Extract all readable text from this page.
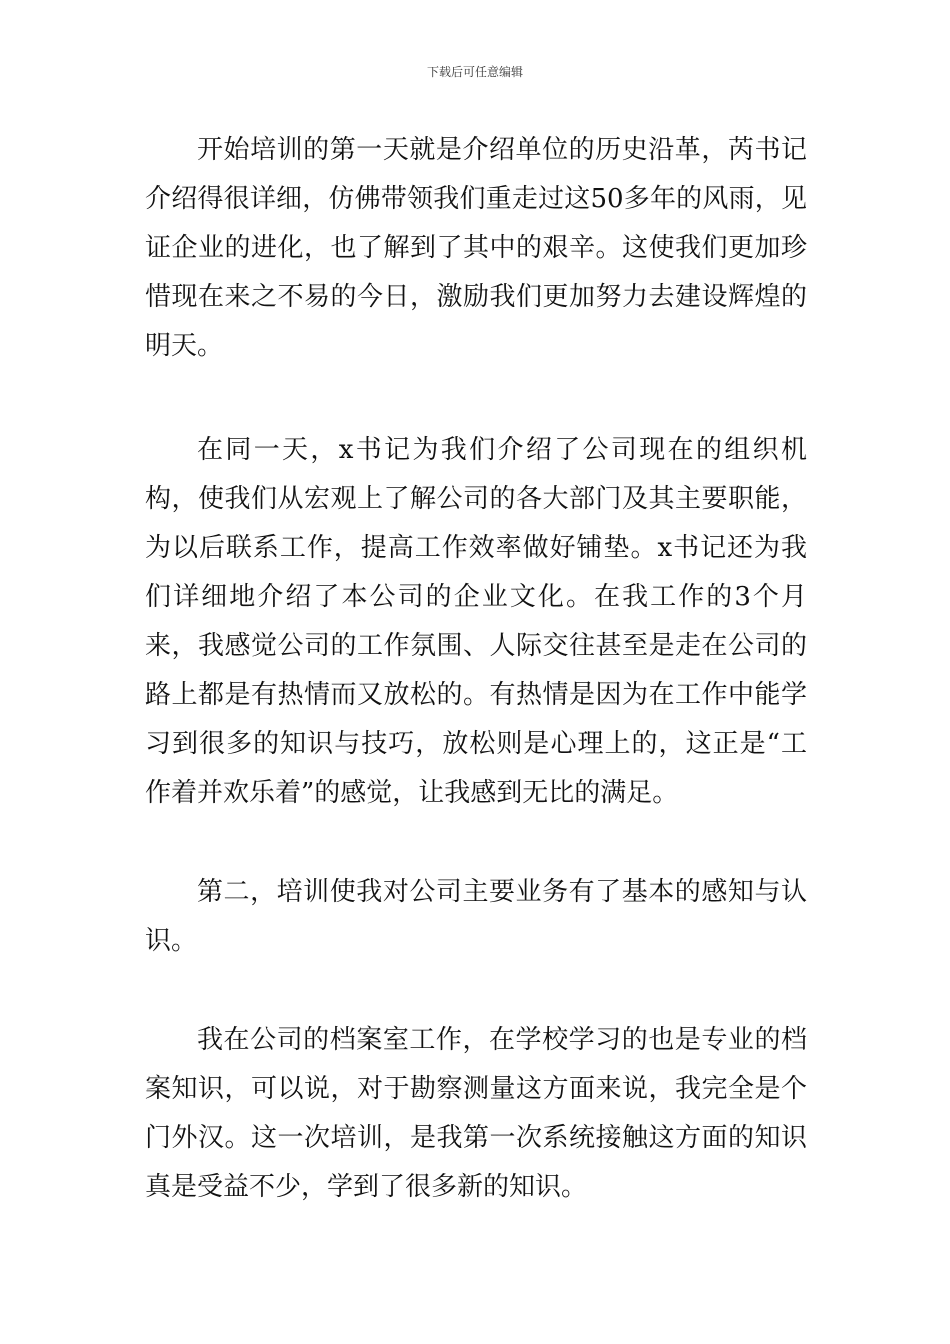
下载后可任意编辑

开始培训的第一天就是介绍单位的历史沿革，芮书记介绍得很详细，仿佛带领我们重走过这50多年的风雨，见证企业的进化，也了解到了其中的艰辛。这使我们更加珍惜现在来之不易的今日，激励我们更加努力去建设辉煌的明天。

在同一天，x书记为我们介绍了公司现在的组织机构，使我们从宏观上了解公司的各大部门及其主要职能，为以后联系工作，提高工作效率做好铺垫。x书记还为我们详细地介绍了本公司的企业文化。在我工作的3个月来，我感觉公司的工作氛围、人际交往甚至是走在公司的路上都是有热情而又放松的。有热情是因为在工作中能学习到很多的知识与技巧，放松则是心理上的，这正是“工作着并欢乐着”的感觉，让我感到无比的满足。

第二，培训使我对公司主要业务有了基本的感知与认识。

我在公司的档案室工作，在学校学习的也是专业的档案知识，可以说，对于勘察测量这方面来说，我完全是个门外汉。这一次培训，是我第一次系统接触这方面的知识真是受益不少，学到了很多新的知识。
